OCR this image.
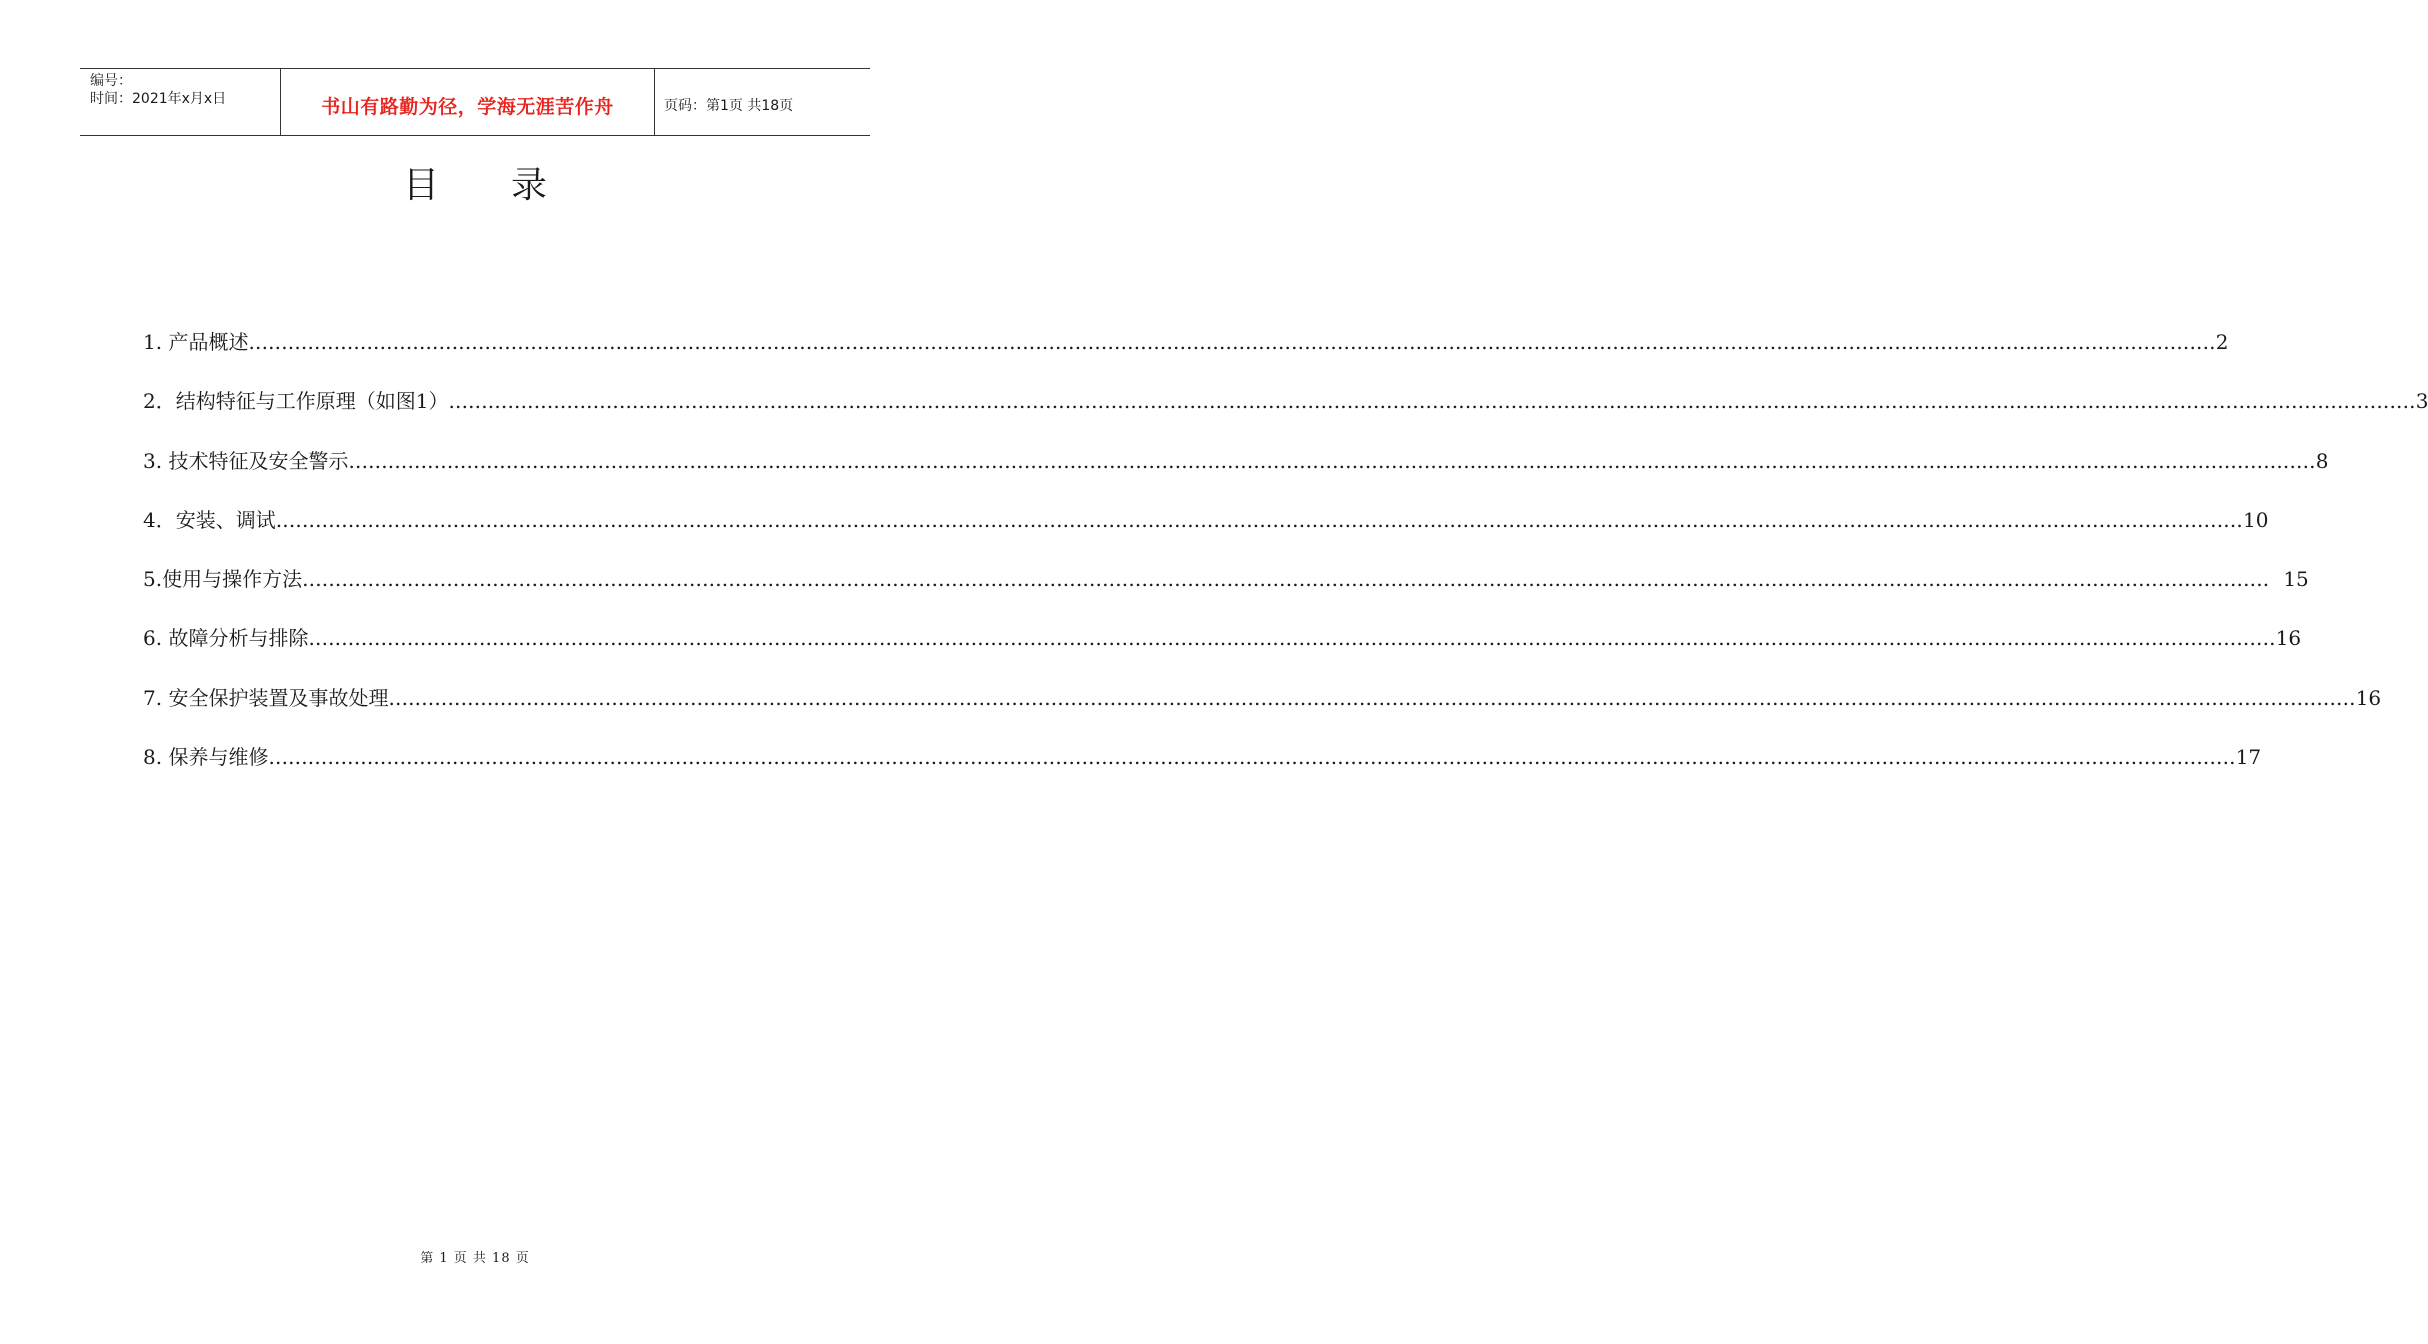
编号：
时间：2021年x月x日	书山有路勤为径，学海无涯苦作舟	页码：第1页 共18页
目录
1. 产品概述 ............................................................................................................................................................................................................................................................................................................ 2
2．结构特征与工作原理（如图1） ............................................................................................................................................................................................................................................................................................................ 3
3. 技术特征及安全警示 ............................................................................................................................................................................................................................................................................................................ 8
4．安装、调试 ............................................................................................................................................................................................................................................................................................................ 10
5.使用与操作方法 ............................................................................................................................................................................................................................................................................................................ 15
6. 故障分析与排除 ............................................................................................................................................................................................................................................................................................................ 16
7. 安全保护装置及事故处理 ............................................................................................................................................................................................................................................................................................................ 16
8. 保养与维修 ............................................................................................................................................................................................................................................................................................................ 17
第 1 页 共 18 页
